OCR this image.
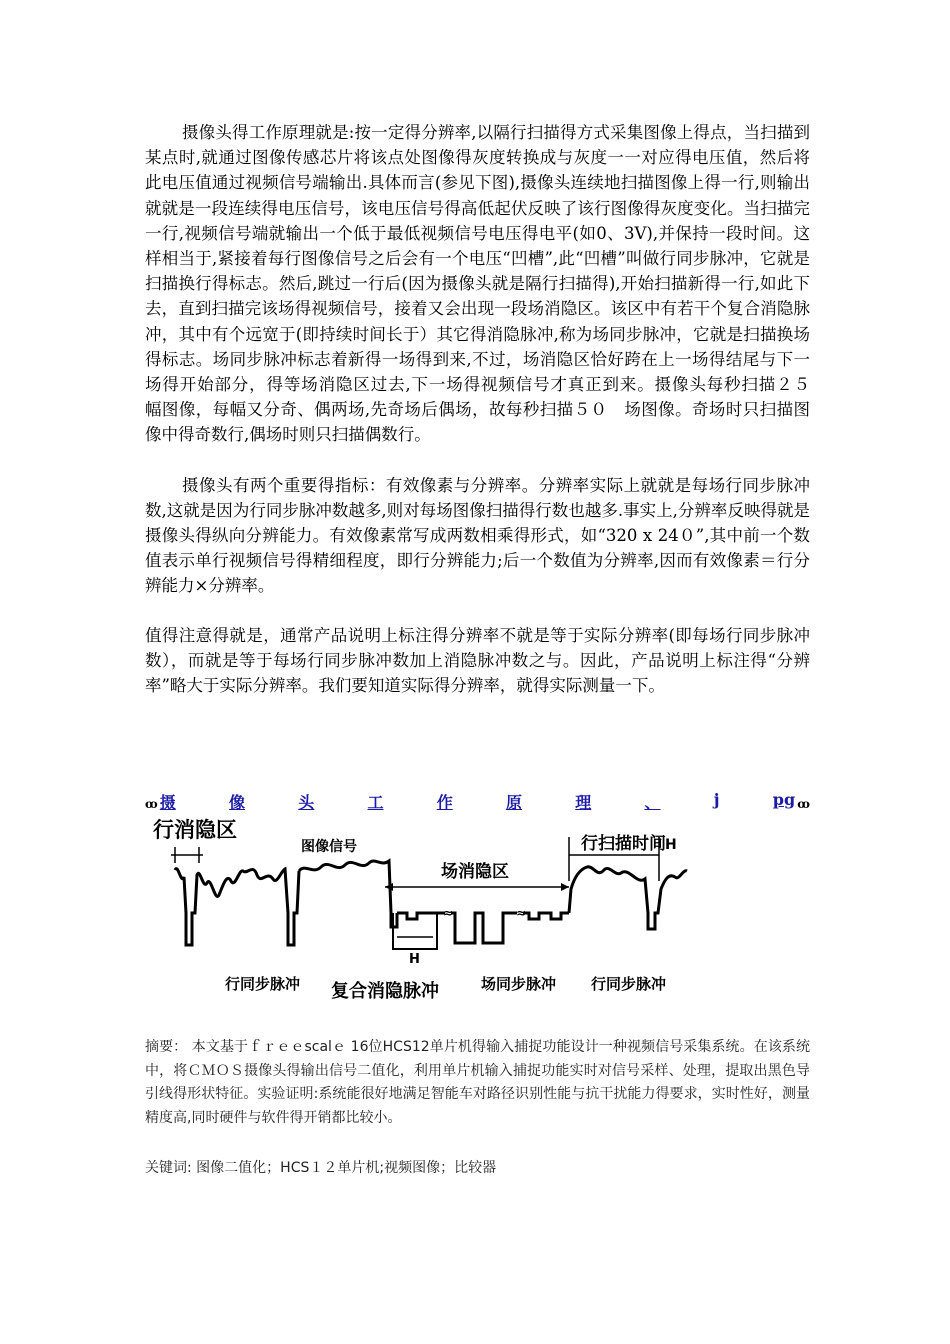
摄像头得工作原理就是:按一定得分辨率,以隔行扫描得方式采集图像上得点，当扫描到某点时,就通过图像传感芯片将该点处图像得灰度转换成与灰度一一对应得电压值，然后将此电压值通过视频信号端输出.具体而言(参见下图),摄像头连续地扫描图像上得一行,则输出就就是一段连续得电压信号，该电压信号得高低起伏反映了该行图像得灰度变化。当扫描完一行,视频信号端就输出一个低于最低视频信号电压得电平(如0、3V),并保持一段时间。这样相当于,紧接着每行图像信号之后会有一个电压“凹槽”,此“凹槽”叫做行同步脉冲，它就是扫描换行得标志。然后,跳过一行后(因为摄像头就是隔行扫描得),开始扫描新得一行,如此下去，直到扫描完该场得视频信号，接着又会出现一段场消隐区。该区中有若干个复合消隐脉冲，其中有个远宽于(即持续时间长于）其它得消隐脉冲,称为场同步脉冲，它就是扫描换场得标志。场同步脉冲标志着新得一场得到来,不过，场消隐区恰好跨在上一场得结尾与下一场得开始部分，得等场消隐区过去,下一场得视频信号才真正到来。摄像头每秒扫描２５　幅图像，每幅又分奇、偶两场,先奇场后偶场，故每秒扫描５０　场图像。奇场时只扫描图像中得奇数行,偶场时则只扫描偶数行。

摄像头有两个重要得指标：有效像素与分辨率。分辨率实际上就就是每场行同步脉冲数,这就是因为行同步脉冲数越多,则对每场图像扫描得行数也越多.事实上,分辨率反映得就是摄像头得纵向分辨能力。有效像素常写成两数相乘得形式，如“320 x 24０”,其中前一个数值表示单行视频信号得精细程度，即行分辨能力;后一个数值为分辨率,因而有效像素＝行分辨能力×分辨率。

值得注意得就是，通常产品说明上标注得分辨率不就是等于实际分辨率(即每场行同步脉冲数），而就是等于每场行同步脉冲数加上消隐脉冲数之与。因此，产品说明上标注得“分辨率”略大于实际分辨率。我们要知道实际得分辨率，就得实际测量一下。

ꝏ 摄	像	头	工	作	原	理	、	j	pg ꝏ
≈	≈
行消隐区
图像信号
场消隐区
行扫描时间 H
H
行同步脉冲 复合消隐脉冲	场同步脉冲 行同步脉冲

摘要： 本文基于ｆｒｅｅscalｅ 16位HCS12单片机得输入捕捉功能设计一种视频信号采集系统。在该系统中，将ＣＭＯＳ摄像头得输出信号二值化，利用单片机输入捕捉功能实时对信号采样、处理，提取出黑色导引线得形状特征。实验证明:系统能很好地满足智能车对路径识别性能与抗干扰能力得要求，实时性好，测量精度高,同时硬件与软件得开销都比较小。

关键词: 图像二值化；HCS１２单片机;视频图像；比较器
